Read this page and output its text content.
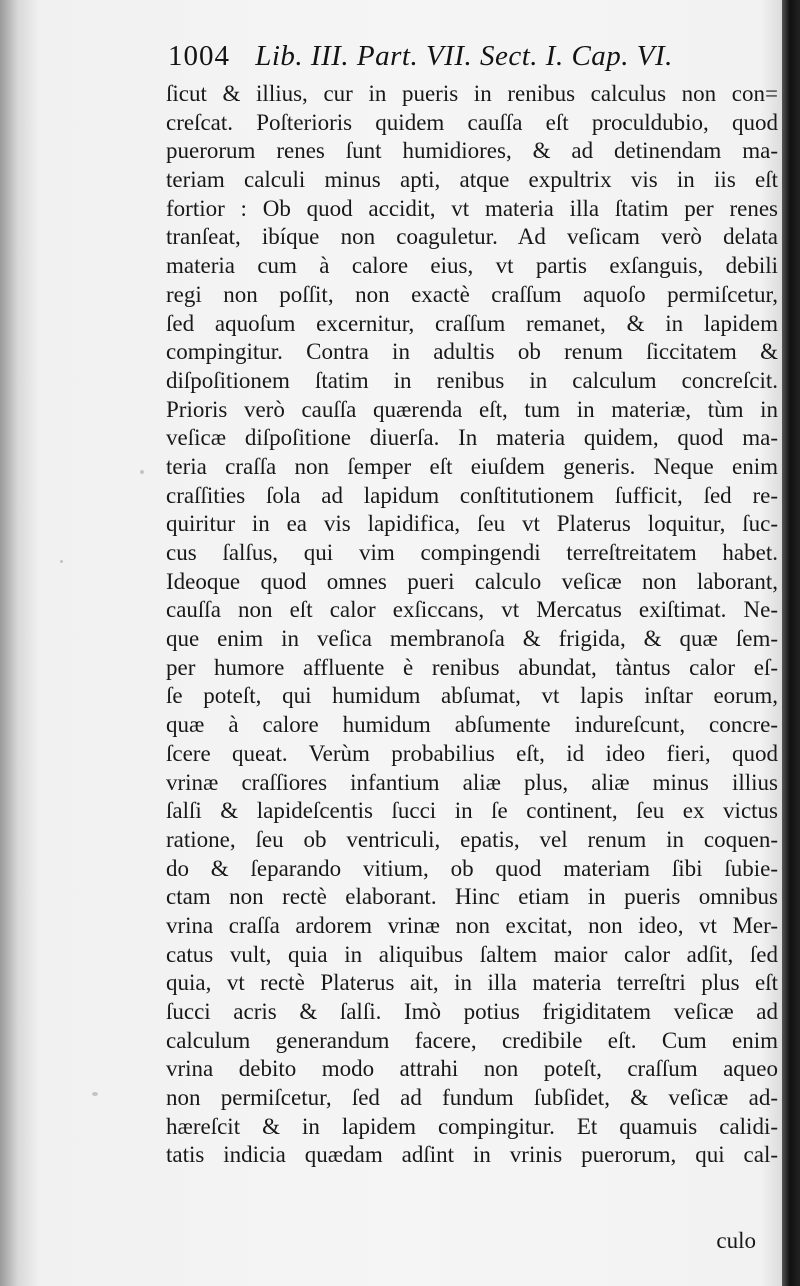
1004 Lib. III. Part. VII. Sect. I. Cap. VI.
ſicut & illius, cur in pueris in renibus calculus non con=
creſcat. Poſterioris quidem cauſſa eſt proculdubio, quod
puerorum renes ſunt humidiores, & ad detinendam ma-
teriam calculi minus apti, atque expultrix vis in iis eſt
fortior : Ob quod accidit, vt materia illa ſtatim per renes
tranſeat, ibíque non coaguletur. Ad veſicam verò delata
materia cum à calore eius, vt partis exſanguis, debili
regi non poſſit, non exactè craſſum aquoſo permiſcetur,
ſed aquoſum excernitur, craſſum remanet, & in lapidem
compingitur. Contra in adultis ob renum ſiccitatem &
diſpoſitionem ſtatim in renibus in calculum concreſcit.
Prioris verò cauſſa quærenda eſt, tum in materiæ, tùm in
veſicæ diſpoſitione diuerſa. In materia quidem, quod ma-
teria craſſa non ſemper eſt eiuſdem generis. Neque enim
craſſities ſola ad lapidum conſtitutionem ſufficit, ſed re-
quiritur in ea vis lapidifica, ſeu vt Platerus loquitur, ſuc-
cus ſalſus, qui vim compingendi terreſtreitatem habet.
Ideoque quod omnes pueri calculo veſicæ non laborant,
cauſſa non eſt calor exſiccans, vt Mercatus exiſtimat. Ne-
que enim in veſica membranoſa & frigida, & quæ ſem-
per humore affluente è renibus abundat, tàntus calor eſ-
ſe poteſt, qui humidum abſumat, vt lapis inſtar eorum,
quæ à calore humidum abſumente indureſcunt, concre-
ſcere queat. Verùm probabilius eſt, id ideo fieri, quod
vrinæ craſſiores infantium aliæ plus, aliæ minus illius
ſalſi & lapideſcentis ſucci in ſe continent, ſeu ex victus
ratione, ſeu ob ventriculi, epatis, vel renum in coquen-
do & ſeparando vitium, ob quod materiam ſibi ſubie-
ctam non rectè elaborant. Hinc etiam in pueris omnibus
vrina craſſa ardorem vrinæ non excitat, non ideo, vt Mer-
catus vult, quia in aliquibus ſaltem maior calor adſit, ſed
quia, vt rectè Platerus ait, in illa materia terreſtri plus eſt
ſucci acris & ſalſi. Imò potius frigiditatem veſicæ ad
calculum generandum facere, credibile eſt. Cum enim
vrina debito modo attrahi non poteſt, craſſum aqueo
non permiſcetur, ſed ad fundum ſubſidet, & veſicæ ad-
hæreſcit & in lapidem compingitur. Et quamuis calidi-
tatis indicia quædam adſint in vrinis puerorum, qui cal-
culo
